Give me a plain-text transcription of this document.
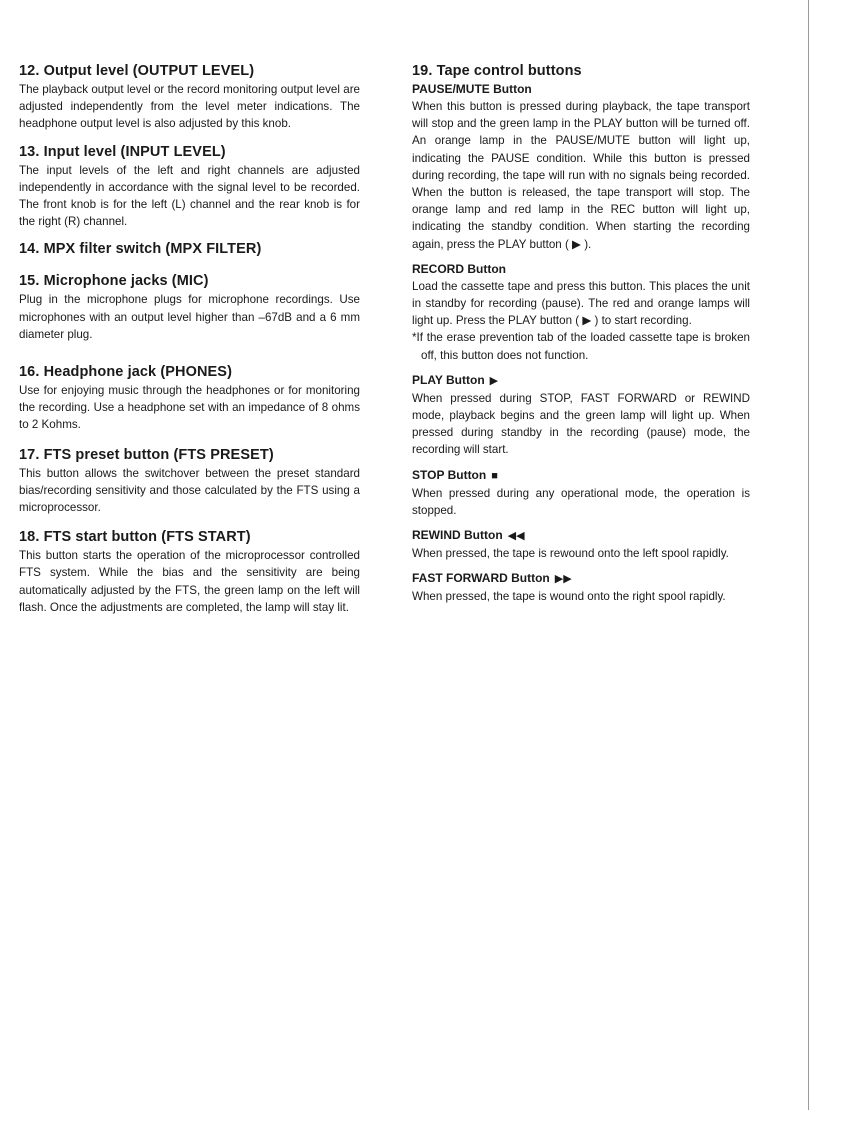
12. Output level (OUTPUT LEVEL)
The playback output level or the record monitoring output level are adjusted independently from the level meter indications. The headphone output level is also adjusted by this knob.
13. Input level (INPUT LEVEL)
The input levels of the left and right channels are adjusted independently in accordance with the signal level to be recorded. The front knob is for the left (L) channel and the rear knob is for the right (R) channel.
14. MPX filter switch (MPX FILTER)
15. Microphone jacks (MIC)
Plug in the microphone plugs for microphone recordings. Use microphones with an output level higher than –67dB and a 6 mm diameter plug.
16. Headphone jack (PHONES)
Use for enjoying music through the headphones or for monitoring the recording. Use a headphone set with an impedance of 8 ohms to 2 Kohms.
17. FTS preset button (FTS PRESET)
This button allows the switchover between the preset standard bias/recording sensitivity and those calculated by the FTS using a microprocessor.
18. FTS start button (FTS START)
This button starts the operation of the microprocessor controlled FTS system. While the bias and the sensitivity are being automatically adjusted by the FTS, the green lamp on the left will flash. Once the adjustments are completed, the lamp will stay lit.
19. Tape control buttons
PAUSE/MUTE Button
When this button is pressed during playback, the tape transport will stop and the green lamp in the PLAY button will be turned off. An orange lamp in the PAUSE/MUTE button will light up, indicating the PAUSE condition. While this button is pressed during recording, the tape will run with no signals being recorded. When the button is released, the tape transport will stop. The orange lamp and red lamp in the REC button will light up, indicating the standby condition. When starting the recording again, press the PLAY button ( ▶ ).
RECORD Button
Load the cassette tape and press this button. This places the unit in standby for recording (pause). The red and orange lamps will light up. Press the PLAY button ( ▶ ) to start recording.
*If the erase prevention tab of the loaded cassette tape is broken off, this button does not function.
PLAY Button ▶
When pressed during STOP, FAST FORWARD or REWIND mode, playback begins and the green lamp will light up. When pressed during standby in the recording (pause) mode, the recording will start.
STOP Button ■
When pressed during any operational mode, the operation is stopped.
REWIND Button ◀◀
When pressed, the tape is rewound onto the left spool rapidly.
FAST FORWARD Button ▶▶
When pressed, the tape is wound onto the right spool rapidly.
